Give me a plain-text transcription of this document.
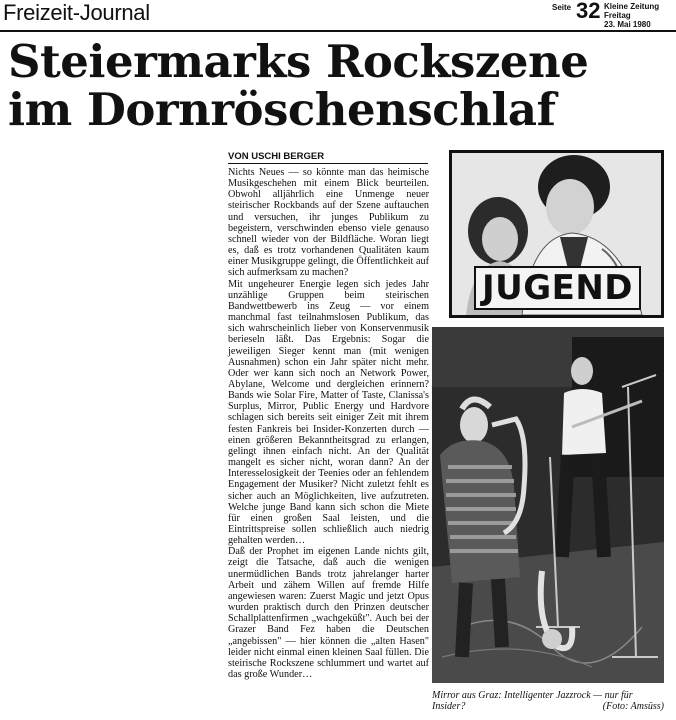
Freizeit-Journal	Seite 32 Kleine Zeitung
Freitag
23. Mai 1980
Steiermarks Rockszene
im Dornröschenschlaf
VON USCHI BERGER

Nichts Neues — so könnte man das heimische Musikgeschehen mit einem Blick beurteilen. Obwohl alljährlich eine Unmenge neuer steirischer Rockbands auf der Szene auftauchen und versuchen, ihr junges Publikum zu begeistern, verschwinden ebenso viele genauso schnell wieder von der Bildfläche. Woran liegt es, daß es trotz vorhandenen Qualitäten kaum einer Musikgruppe gelingt, die Öffentlichkeit auf sich aufmerksam zu machen?

Mit ungeheurer Energie legen sich jedes Jahr unzählige Gruppen beim steirischen Bandwettbewerb ins Zeug — vor einem manchmal fast teilnahmslosen Publikum, das sich wahrscheinlich lieber von Konservenmusik berieseln läßt. Das Ergebnis: Sogar die jeweiligen Sieger kennt man (mit wenigen Ausnahmen) schon ein Jahr später nicht mehr. Oder wer kann sich noch an Network Power, Abylane, Welcome und dergleichen erinnern? Bands wie Solar Fire, Matter of Taste, Clanissa's Surplus, Mirror, Public Energy und Hardvore schlagen sich bereits seit einiger Zeit mit ihrem festen Fankreis bei Insider-Konzerten durch — einen größeren Bekanntheitsgrad zu erlangen, gelingt ihnen einfach nicht. An der Qualität mangelt es sicher nicht, woran dann? An der Interesselosigkeit der Teenies oder an fehlendem Engagement der Musiker? Nicht zuletzt fehlt es sicher auch an Möglichkeiten, live aufzutreten. Welche junge Band kann sich schon die Miete für einen großen Saal leisten, und die Eintrittspreise sollen schließlich auch niedrig gehalten werden…

Daß der Prophet im eigenen Lande nichts gilt, zeigt die Tatsache, daß auch die wenigen unermüdlichen Bands trotz jahrelanger harter Arbeit und zähem Willen auf fremde Hilfe angewiesen waren: Zuerst Magic und jetzt Opus wurden praktisch durch den Prinzen deutscher Schallplattenfirmen „wachgeküßt". Auch bei der Grazer Band Fez haben die Deutschen „angebissen" — hier können die „alten Hasen" leider nicht einmal einen kleinen Saal füllen. Die steirische Rockszene schlummert und wartet auf das große Wunder…

JUGEND
Mirror aus Graz: Intelligenter Jazzrock — nur für Insider?	(Foto: Amsüss)
